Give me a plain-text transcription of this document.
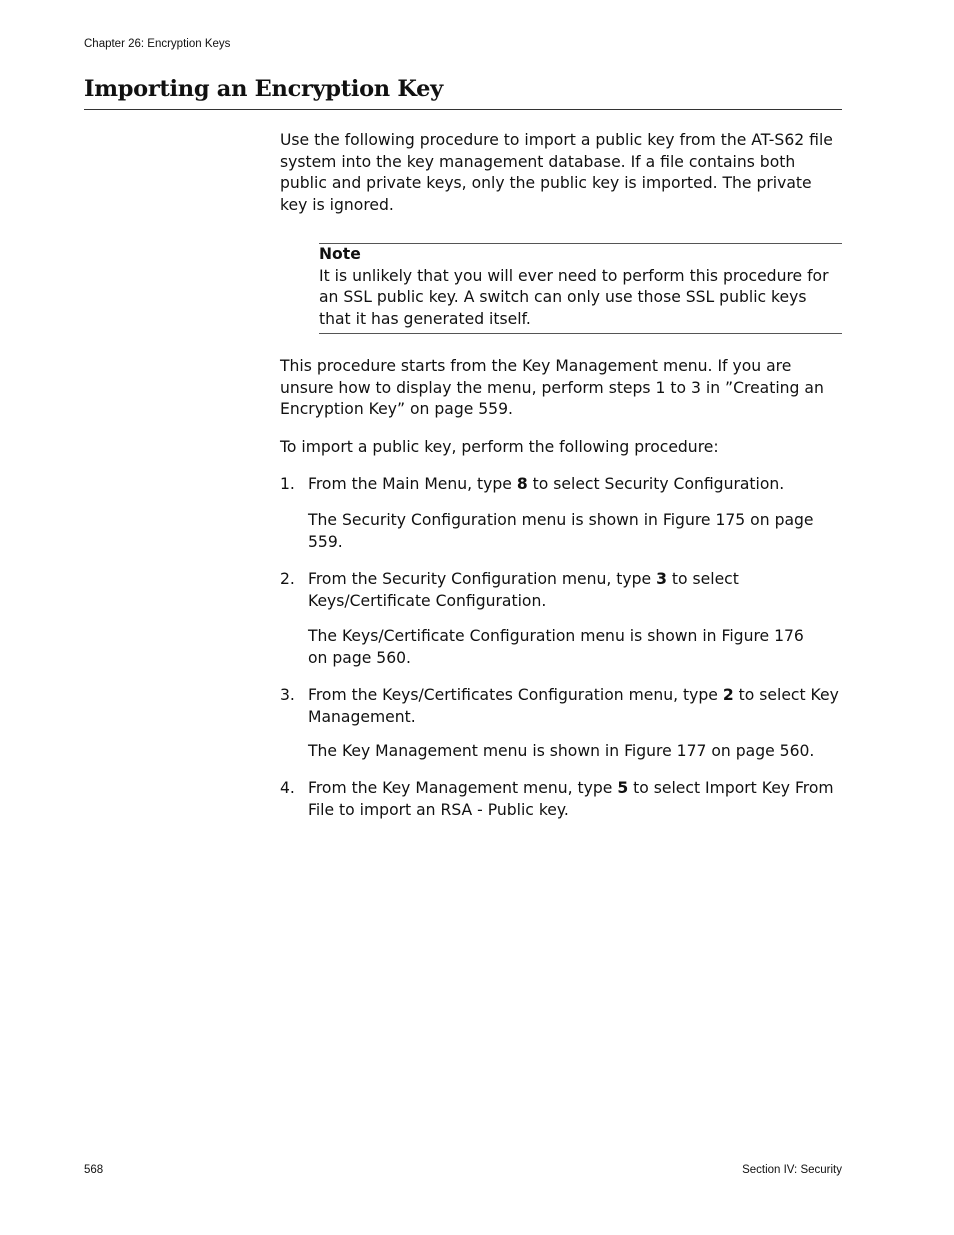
Chapter 26: Encryption Keys
Importing an Encryption Key

Use the following procedure to import a public key from the AT-S62 file system into the key management database. If a file contains both public and private keys, only the public key is imported. The private key is ignored.

Note
It is unlikely that you will ever need to perform this procedure for an SSL public key. A switch can only use those SSL public keys that it has generated itself.

This procedure starts from the Key Management menu. If you are unsure how to display the menu, perform steps 1 to 3 in ”Creating an Encryption Key” on page 559.

To import a public key, perform the following procedure:

1. From the Main Menu, type 8 to select Security Configuration.
The Security Configuration menu is shown in Figure 175 on page 559.
2. From the Security Configuration menu, type 3 to select Keys/Certificate Configuration.
The Keys/Certificate Configuration menu is shown in Figure 176 on page 560.
3. From the Keys/Certificates Configuration menu, type 2 to select Key Management.
The Key Management menu is shown in Figure 177 on page 560.
4. From the Key Management menu, type 5 to select Import Key From File to import an RSA - Public key.
568	Section IV: Security
